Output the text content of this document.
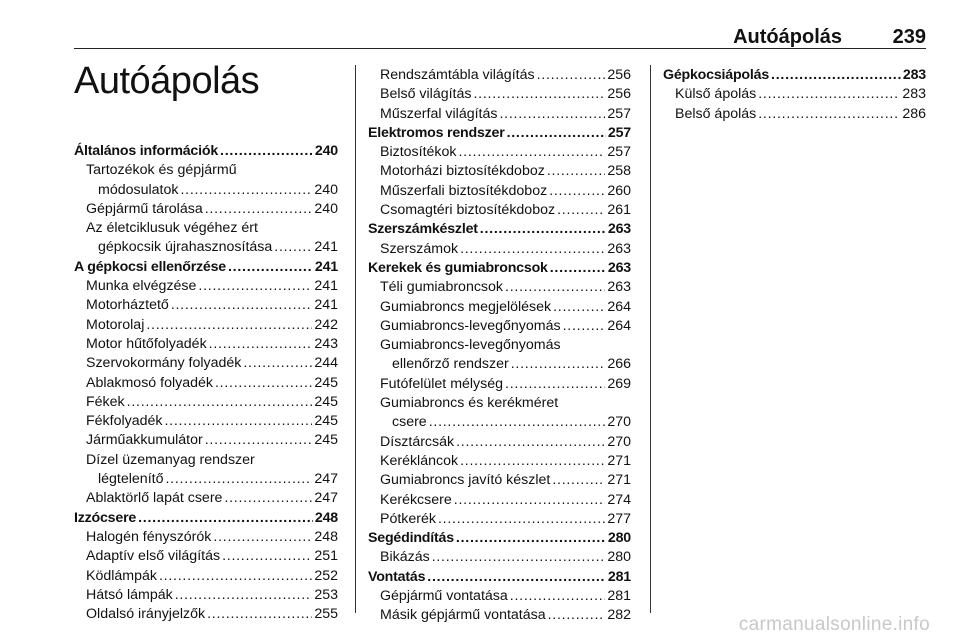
Autóápolás	239
Autóápolás
Általános információk . . .	240
Tartozékok és gépjármű
módosulatok . . .	240
Gépjármű tárolása . . .	240
Az életciklusuk végéhez ért
gépkocsik újrahasznosítása . . .	241
A gépkocsi ellenőrzése . . .	241
Munka elvégzése . . .	241
Motorháztető . . .	241
Motorolaj . . .	242
Motor hűtőfolyadék . . .	243
Szervokormány folyadék . . .	244
Ablakmosó folyadék . . .	245
Fékek . . .	245
Fékfolyadék . . .	245
Járműakkumulátor . . .	245
Dízel üzemanyag rendszer
légtelenítő . . .	247
Ablaktörlő lapát csere . . .	247
Izzócsere . . .	248
Halogén fényszórók . . .	248
Adaptív első világítás . . .	251
Ködlámpák . . .	252
Hátsó lámpák . . .	253
Oldalsó irányjelzők . . .	255
Rendszámtábla világítás . . .	256
Belső világítás . . .	256
Műszerfal világítás . . .	257
Elektromos rendszer . . .	257
Biztosítékok . . .	257
Motorházi biztosítékdoboz . . .	258
Műszerfali biztosítékdoboz . . .	260
Csomagtéri biztosítékdoboz . . .	261
Szerszámkészlet . . .	263
Szerszámok . . .	263
Kerekek és gumiabroncsok . . .	263
Téli gumiabroncsok . . .	263
Gumiabroncs megjelölések . . .	264
Gumiabroncs-levegőnyomás . . .	264
Gumiabroncs-levegőnyomás
ellenőrző rendszer . . .	266
Futófelület mélység . . .	269
Gumiabroncs és kerékméret
csere . . .	270
Dísztárcsák . . .	270
Kerékláncok . . .	271
Gumiabroncs javító készlet . . .	271
Kerékcsere . . .	274
Pótkerék . . .	277
Segédindítás . . .	280
Bikázás . . .	280
Vontatás . . .	281
Gépjármű vontatása . . .	281
Másik gépjármű vontatása . . .	282
Gépkocsiápolás . . .	283
Külső ápolás . . .	283
Belső ápolás . . .	286
carmanualsonline.info
